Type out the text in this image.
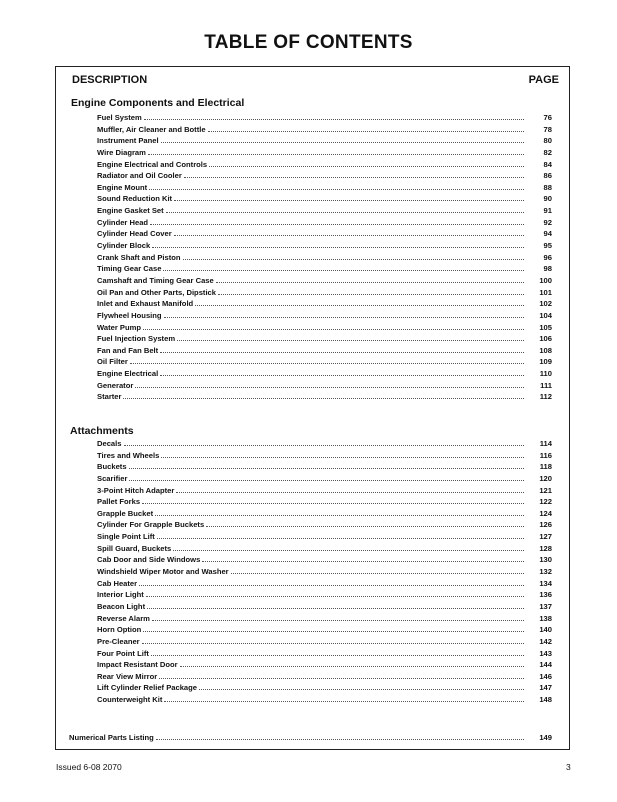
TABLE OF CONTENTS
DESCRIPTION	PAGE
Engine Components and Electrical
Fuel System	76
Muffler, Air Cleaner and Bottle	78
Instrument Panel	80
Wire Diagram	82
Engine Electrical and Controls	84
Radiator and Oil Cooler	86
Engine Mount	88
Sound Reduction Kit	90
Engine Gasket Set	91
Cylinder Head	92
Cylinder Head Cover	94
Cylinder Block	95
Crank Shaft and Piston	96
Timing Gear Case	98
Camshaft and Timing Gear Case	100
Oil Pan and Other Parts, Dipstick	101
Inlet and Exhaust Manifold	102
Flywheel Housing	104
Water Pump	105
Fuel Injection System	106
Fan and Fan Belt	108
Oil Filter	109
Engine Electrical	110
Generator	111
Starter	112
Attachments
Decals	114
Tires and Wheels	116
Buckets	118
Scarifier	120
3-Point Hitch Adapter	121
Pallet Forks	122
Grapple Bucket	124
Cylinder For Grapple Buckets	126
Single Point Lift	127
Spill Guard, Buckets	128
Cab Door and Side Windows	130
Windshield Wiper Motor and Washer	132
Cab Heater	134
Interior Light	136
Beacon Light	137
Reverse Alarm	138
Horn Option	140
Pre-Cleaner	142
Four Point Lift	143
Impact Resistant Door	144
Rear View Mirror	146
Lift Cylinder Relief Package	147
Counterweight Kit	148
Numerical Parts Listing	149
Issued 6-08 2070	3
